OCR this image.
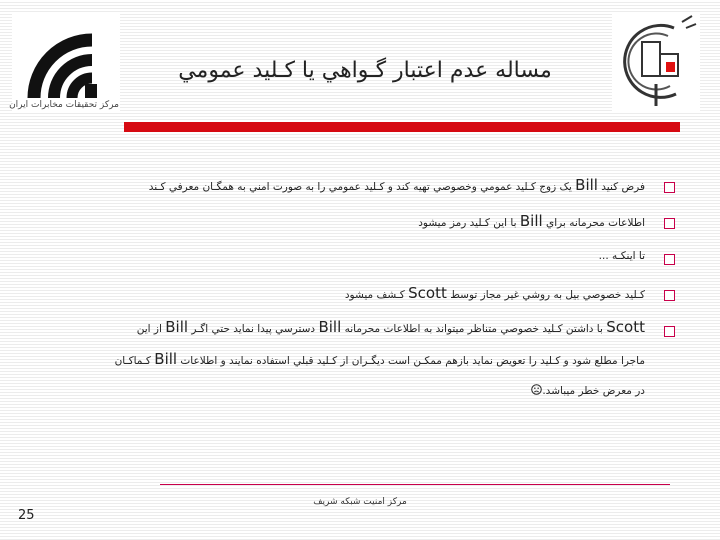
مرکز تحقیقات مخابرات ایران
مساله عدم اعتبار گـواهي يا كـليد عمومي
فرض كنيد Bill يک زوج کـليد عمومي وخصوصي تهيه كند و كـليد عمومي را به صورت امني به همگـان معرفي كـند
اطلاعات محرمانه براي Bill با اين کـليد رمز ميشود
تا اينکـه ...
كـليد خصوصي بيل به روشي غير مجاز توسط Scott كـشف ميشود
Scott با داشتن كـليد خصوصي متناظر ميتواند به اطلاعات محرمانه Bill دسترسي پيدا نمايد حتي اگـر Bill از اين
ماجرا مطلع شود و كـليد را تعويض نمايد بازهم ممكـن است ديگـران از كـليد قبلي استفاده نمايند و اطلاعات Bill كـماکـان
در معرض خطر ميباشد.
مرکز امنیت شبکه شریف
25
